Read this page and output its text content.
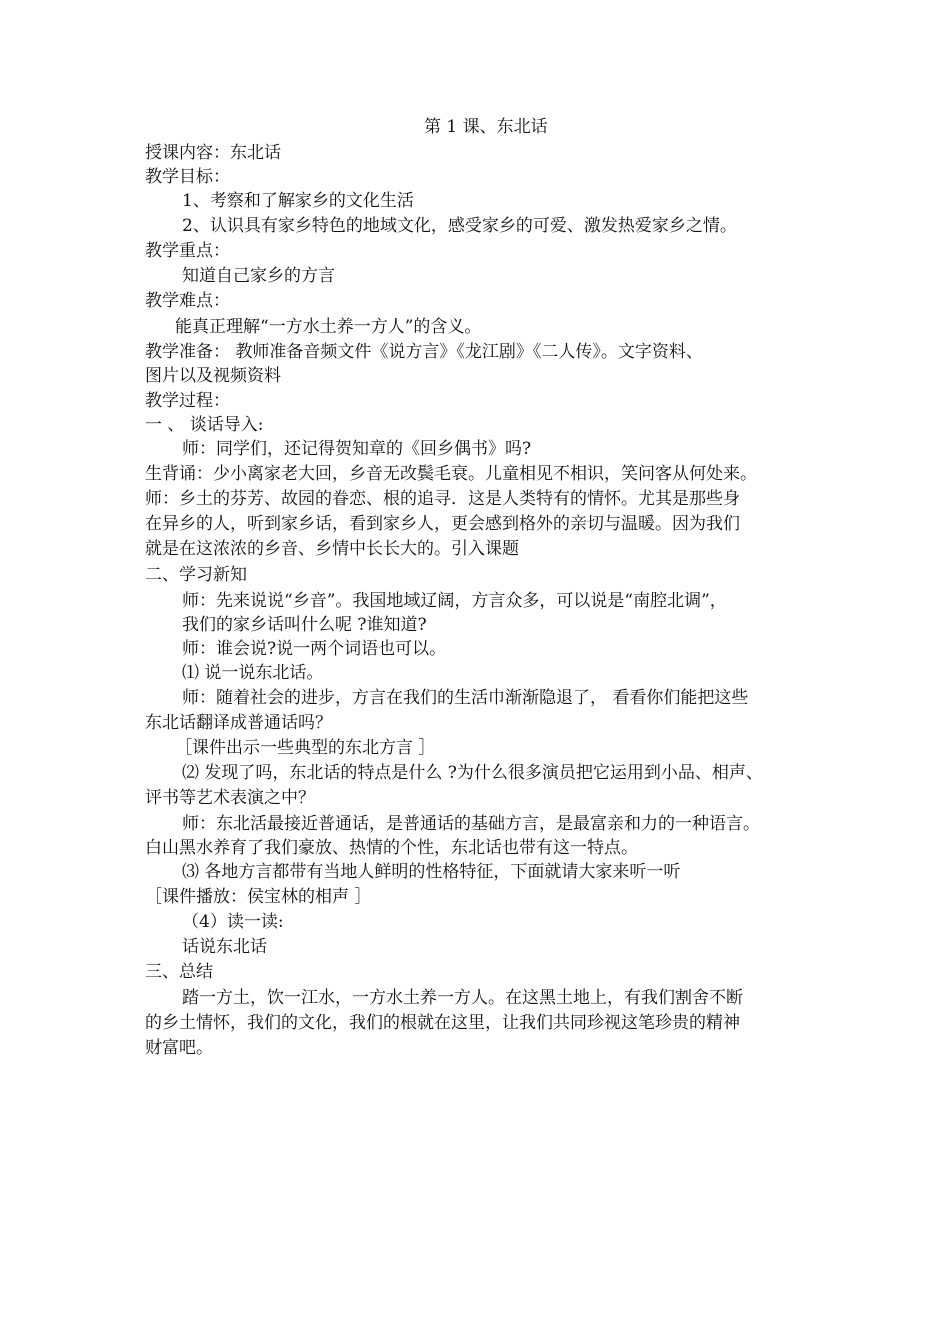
第 1 课、东北话
授课内容：东北话
教学目标：
1、考察和了解家乡的文化生活
2、认识具有家乡特色的地域文化，感受家乡的可爱、激发热爱家乡之情。
教学重点：
知道自己家乡的方言
教学难点：
能真正理解“一方水土养一方人”的含义。
教学准备： 教师准备音频文件《说方言》《龙江剧》《二人传》。文字资料、
图片以及视频资料
教学过程：
一 、 谈话导入:
师：同学们，还记得贺知章的《回乡偶书》吗?
生背诵：少小离家老大回，乡音无改鬓毛衰。儿童相见不相识，笑问客从何处来。
师：乡土的芬芳、故园的眷恋、根的追寻．这是人类特有的情怀。尤其是那些身
在异乡的人，听到家乡话，看到家乡人，更会感到格外的亲切与温暖。因为我们
就是在这浓浓的乡音、乡情中长长大的。引入课题
二、学习新知
师：先来说说“乡音”。我国地域辽阔，方言众多，可以说是“南腔北调”，
我们的家乡话叫什么呢 ?谁知道?
师：谁会说?说一两个词语也可以。
⑴ 说一说东北话。
师：随着社会的进步，方言在我们的生活巾渐渐隐退了， 看看你们能把这些
东北话翻译成普通话吗？
［课件出示一些典型的东北方言 ］
⑵ 发现了吗，东北话的特点是什么 ?为什么很多演员把它运用到小品、相声、
评书等艺术表演之中？
师：东北活最接近普通话，是普通话的基础方言，是最富亲和力的一种语言。
白山黑水养育了我们豪放、热情的个性，东北话也带有这一特点。
⑶ 各地方言都带有当地人鲜明的性格特征，下面就请大家来听一听
［课件播放：侯宝林的相声 ］
（4）读一读:
话说东北话
三、总结
踏一方土，饮一江水，一方水土养一方人。在这黑土地上，有我们割舍不断
的乡土情怀，我们的文化，我们的根就在这里，让我们共同珍视这笔珍贵的精神
财富吧。
